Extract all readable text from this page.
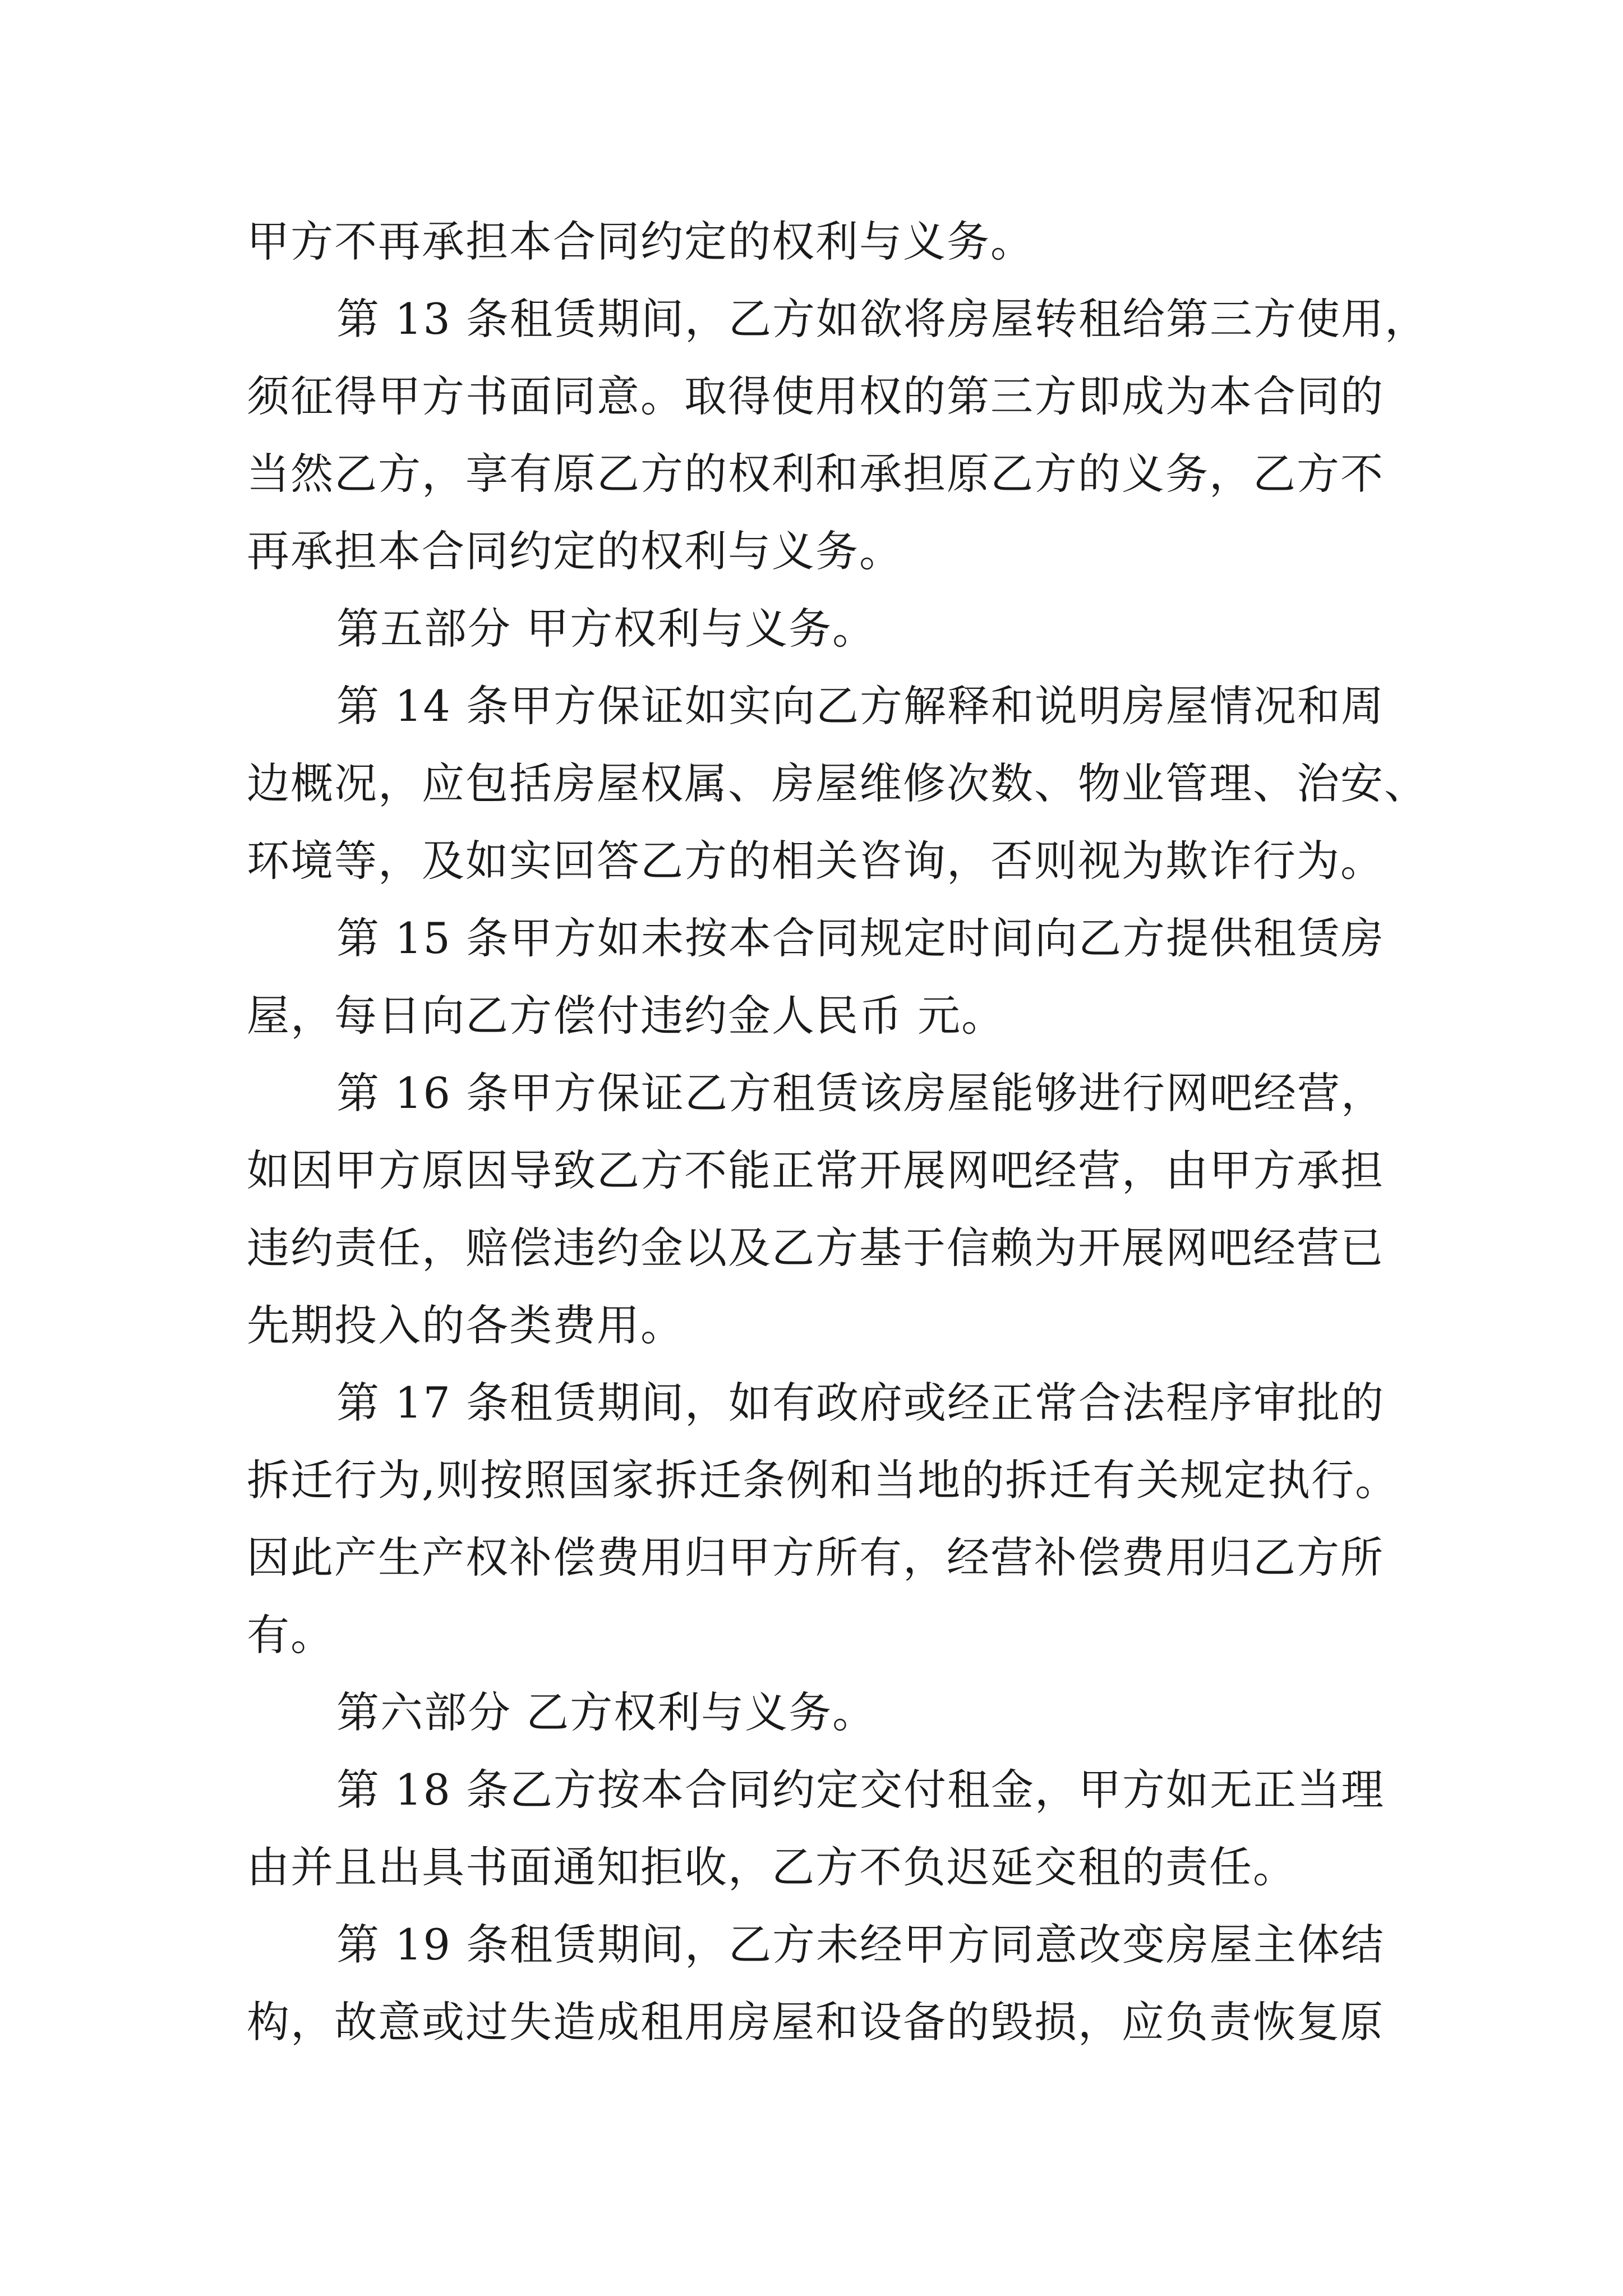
甲方不再承担本合同约定的权利与义务。
第 13 条租赁期间，乙方如欲将房屋转租给第三方使用，
须征得甲方书面同意。取得使用权的第三方即成为本合同的
当然乙方，享有原乙方的权利和承担原乙方的义务，乙方不
再承担本合同约定的权利与义务。
第五部分 甲方权利与义务。
第 14 条甲方保证如实向乙方解释和说明房屋情况和周
边概况，应包括房屋权属、房屋维修次数、物业管理、治安、
环境等，及如实回答乙方的相关咨询，否则视为欺诈行为。
第 15 条甲方如未按本合同规定时间向乙方提供租赁房
屋，每日向乙方偿付违约金人民币 元。
第 16 条甲方保证乙方租赁该房屋能够进行网吧经营，
如因甲方原因导致乙方不能正常开展网吧经营，由甲方承担
违约责任，赔偿违约金以及乙方基于信赖为开展网吧经营已
先期投入的各类费用。
第 17 条租赁期间，如有政府或经正常合法程序审批的
拆迁行为,则按照国家拆迁条例和当地的拆迁有关规定执行。
因此产生产权补偿费用归甲方所有，经营补偿费用归乙方所
有。
第六部分 乙方权利与义务。
第 18 条乙方按本合同约定交付租金，甲方如无正当理
由并且出具书面通知拒收，乙方不负迟延交租的责任。
第 19 条租赁期间，乙方未经甲方同意改变房屋主体结
构，故意或过失造成租用房屋和设备的毁损，应负责恢复原
